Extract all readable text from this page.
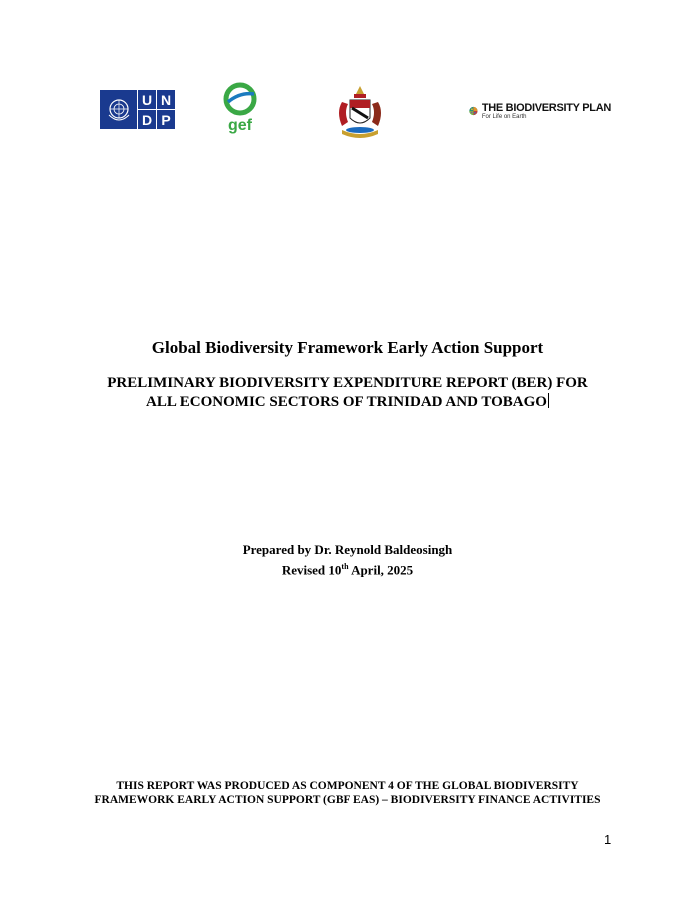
U N
D P	gef
THE BIODIVERSITY PLAN
For Life on Earth
Global Biodiversity Framework Early Action Support
PRELIMINARY BIODIVERSITY EXPENDITURE REPORT (BER) FOR
ALL ECONOMIC SECTORS OF TRINIDAD AND TOBAGO
Prepared by Dr. Reynold Baldeosingh
Revised 10th April, 2025
THIS REPORT WAS PRODUCED AS COMPONENT 4 OF THE GLOBAL BIODIVERSITY
FRAMEWORK EARLY ACTION SUPPORT (GBF EAS) – BIODIVERSITY FINANCE ACTIVITIES
1
